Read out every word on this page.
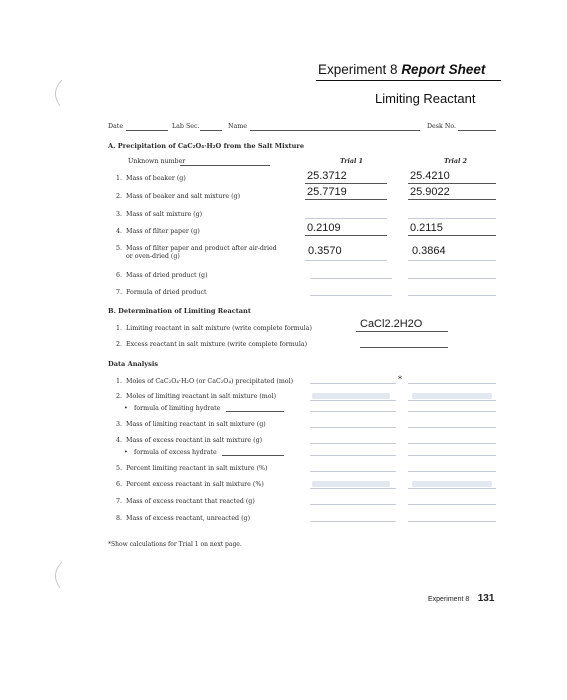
Experiment 8 Report Sheet
Limiting Reactant
Date	Lab Sec.	Name	Desk No.
A. Precipitation of CaC₂O₄·H₂O from the Salt Mixture
Unknown number	Trial 1	Trial 2
1. Mass of beaker (g)	25.3712	25.4210
2. Mass of beaker and salt mixture (g)	25.7719	25.9022
3. Mass of salt mixture (g)
4. Mass of filter paper (g)	0.2109	0.2115
5. Mass of filter paper and product after air-dried
or oven-dried (g)	0.3570	0.3864
6. Mass of dried product (g)
7. Formula of dried product
B. Determination of Limiting Reactant
1. Limiting reactant in salt mixture (write complete formula)	CaCl2.2H2O
2. Excess reactant in salt mixture (write complete formula)
Data Analysis
1. Moles of CaC₂O₄·H₂O (or CaC₂O₄) precipitated (mol)	*
2. Moles of limiting reactant in salt mixture (mol)
• formula of limiting hydrate
3. Mass of limiting reactant in salt mixture (g)
4. Mass of excess reactant in salt mixture (g)
• formula of excess hydrate
5. Percent limiting reactant in salt mixture (%)
6. Percent excess reactant in salt mixture (%)
7. Mass of excess reactant that reacted (g)
8. Mass of excess reactant, unreacted (g)
*Show calculations for Trial 1 on next page.
Experiment 8 131
